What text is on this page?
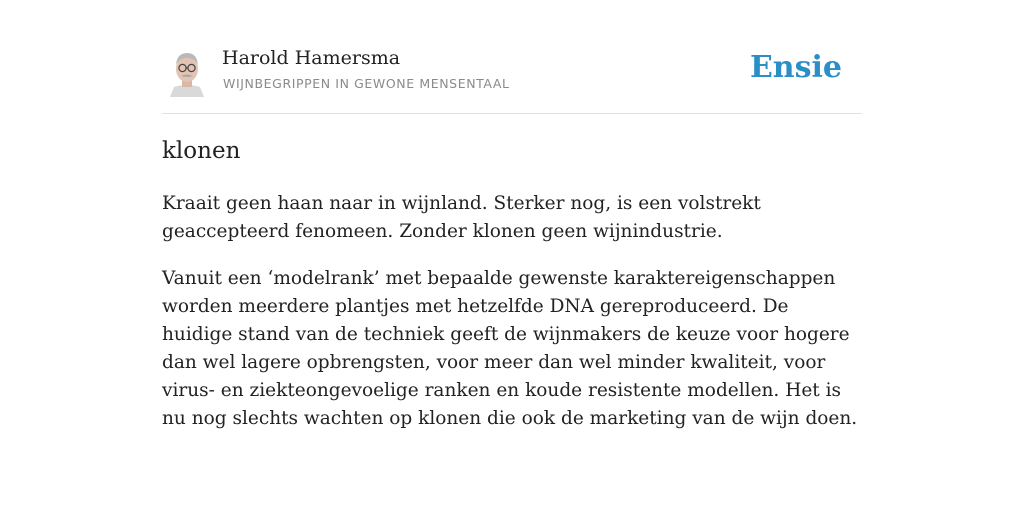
Harold Hamersma
WIJNBEGRIPPEN IN GEWONE MENSENTAAL	Ensie
klonen

Kraait geen haan naar in wijnland. Sterker nog, is een volstrekt geaccepteerd fenomeen. Zonder klonen geen wijnindustrie.

Vanuit een ‘modelrank’ met bepaalde gewenste karaktereigenschappen worden meerdere plantjes met hetzelfde DNA gereproduceerd. De huidige stand van de techniek geeft de wijnmakers de keuze voor hogere dan wel lagere opbrengsten, voor meer dan wel minder kwaliteit, voor virus- en ziekteongevoelige ranken en koude resistente modellen. Het is nu nog slechts wachten op klonen die ook de marketing van de wijn doen.
